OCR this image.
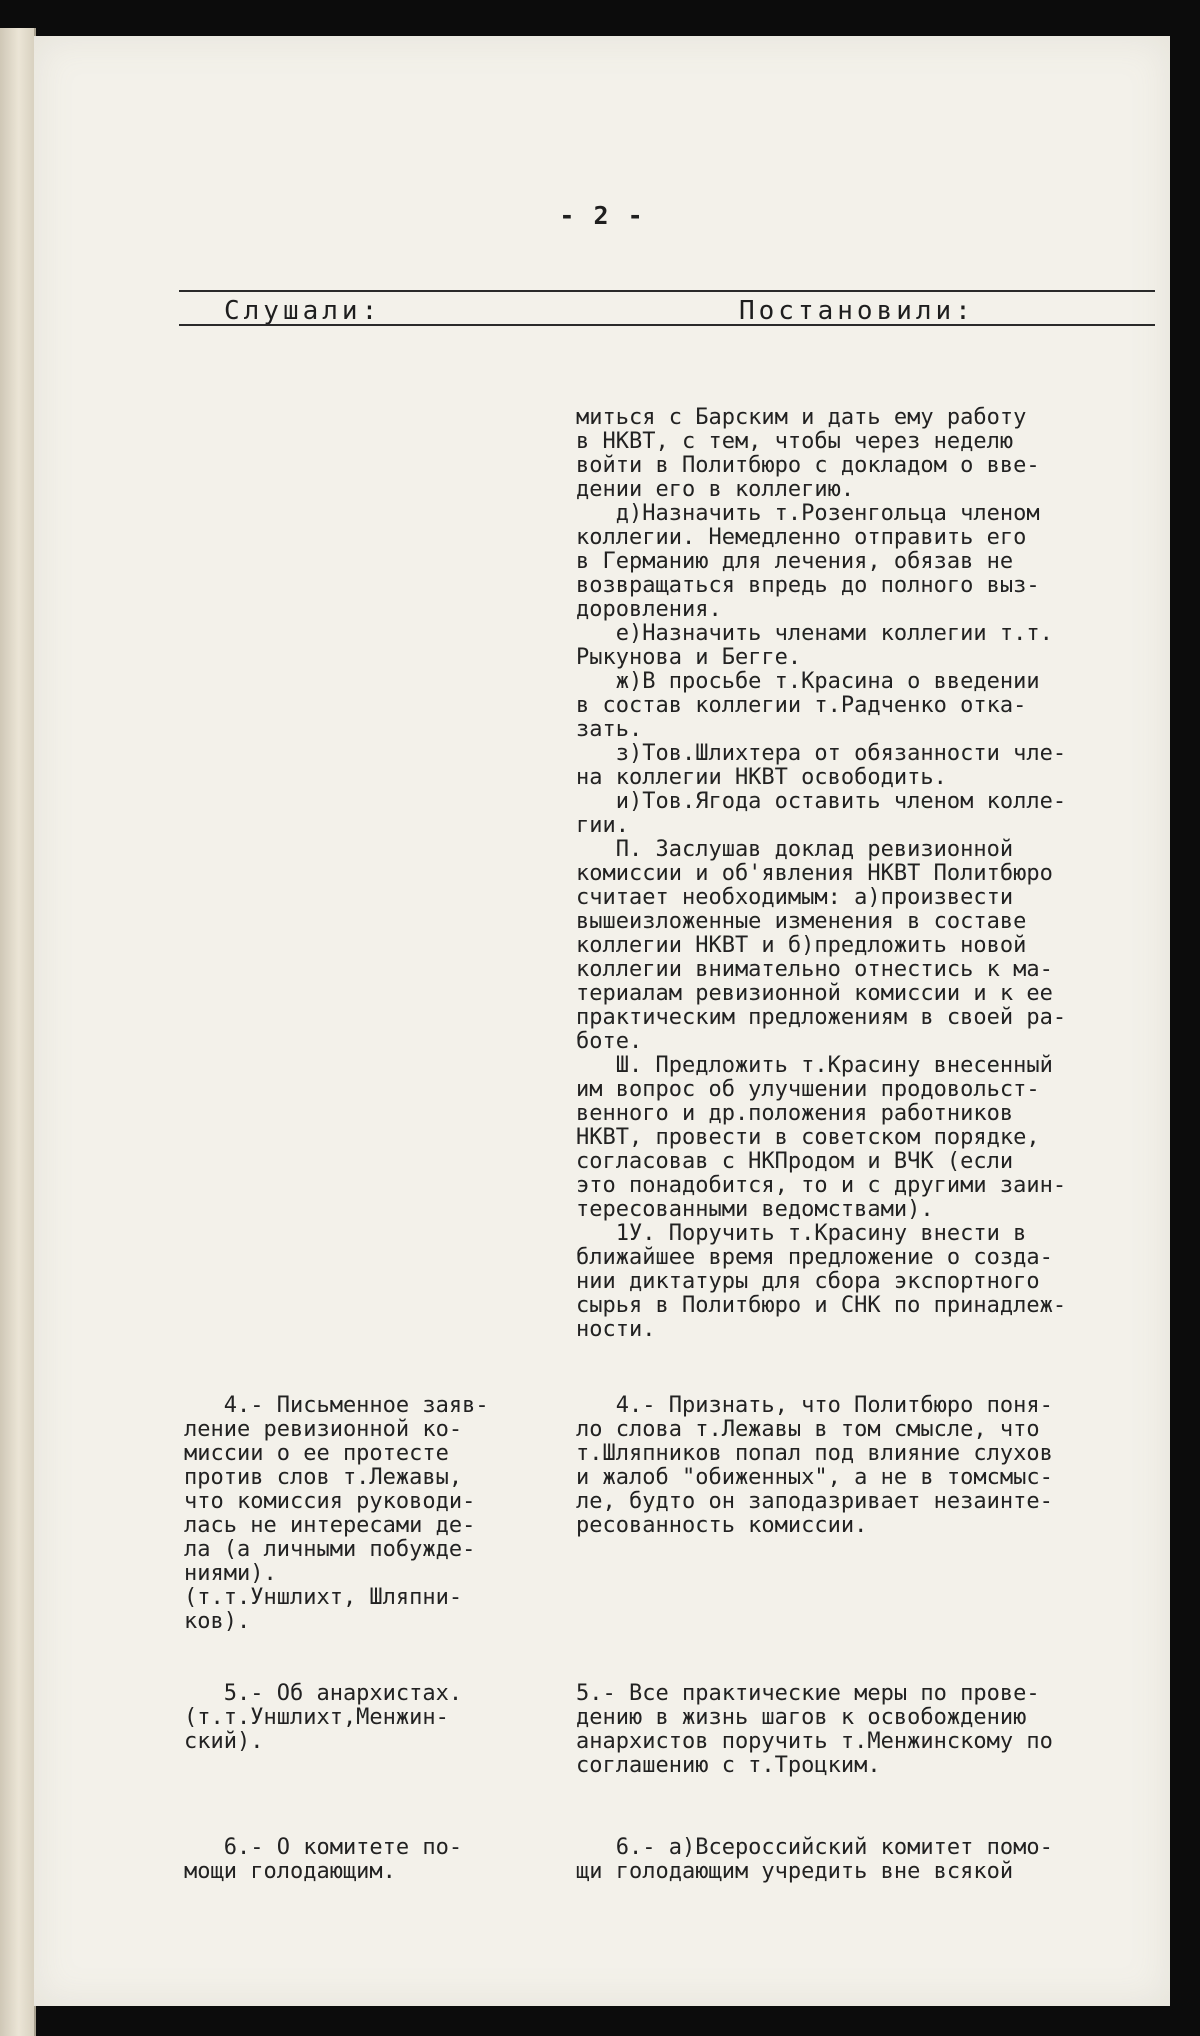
- 2 -
Слушали:	Постановили:
миться с Барским и дать ему работу
в НКВТ, с тем, чтобы через неделю
войти в Политбюро с докладом о вве-
дении его в коллегию.
д)Назначить т.Розенгольца членом
коллегии. Немедленно отправить его
в Германию для лечения, обязав не
возвращаться впредь до полного выз-
доровления.
е)Назначить членами коллегии т.т.
Рыкунова и Бегге.
ж)В просьбе т.Красина о введении
в состав коллегии т.Радченко отка-
зать.
з)Тов.Шлихтера от обязанности чле-
на коллегии НКВТ освободить.
и)Тов.Ягода оставить членом колле-
гии.
П. Заслушав доклад ревизионной
комиссии и об'явления НКВТ Политбюро
считает необходимым: а)произвести
вышеизложенные изменения в составе
коллегии НКВТ и б)предложить новой
коллегии внимательно отнестись к ма-
териалам ревизионной комиссии и к ее
практическим предложениям в своей ра-
боте.
Ш. Предложить т.Красину внесенный
им вопрос об улучшении продовольст-
венного и др.положения работников
НКВТ, провести в советском порядке,
согласовав с НКПродом и ВЧК (если
это понадобится, то и с другими заин-
тересованными ведомствами).
1У. Поручить т.Красину внести в
ближайшее время предложение о созда-
нии диктатуры для сбора экспортного
сырья в Политбюро и СНК по принадлеж-
ности.
4.- Письменное заяв-
ление ревизионной ко-
миссии о ее протесте
против слов т.Лежавы,
что комиссия руководи-
лась не интересами де-
ла (а личными побужде-
ниями).
(т.т.Уншлихт, Шляпни-
ков).
4.- Признать, что Политбюро поня-
ло слова т.Лежавы в том смысле, что
т.Шляпников попал под влияние слухов
и жалоб "обиженных", а не в томсмыс-
ле, будто он заподазривает незаинте-
ресованность комиссии.
5.- Об анархистах.
(т.т.Уншлихт,Менжин-
ский).
5.- Все практические меры по прове-
дению в жизнь шагов к освобождению
анархистов поручить т.Менжинскому по
соглашению с т.Троцким.
6.- О комитете по-
мощи голодающим.
6.- а)Всероссийский комитет помо-
щи голодающим учредить вне всякой
